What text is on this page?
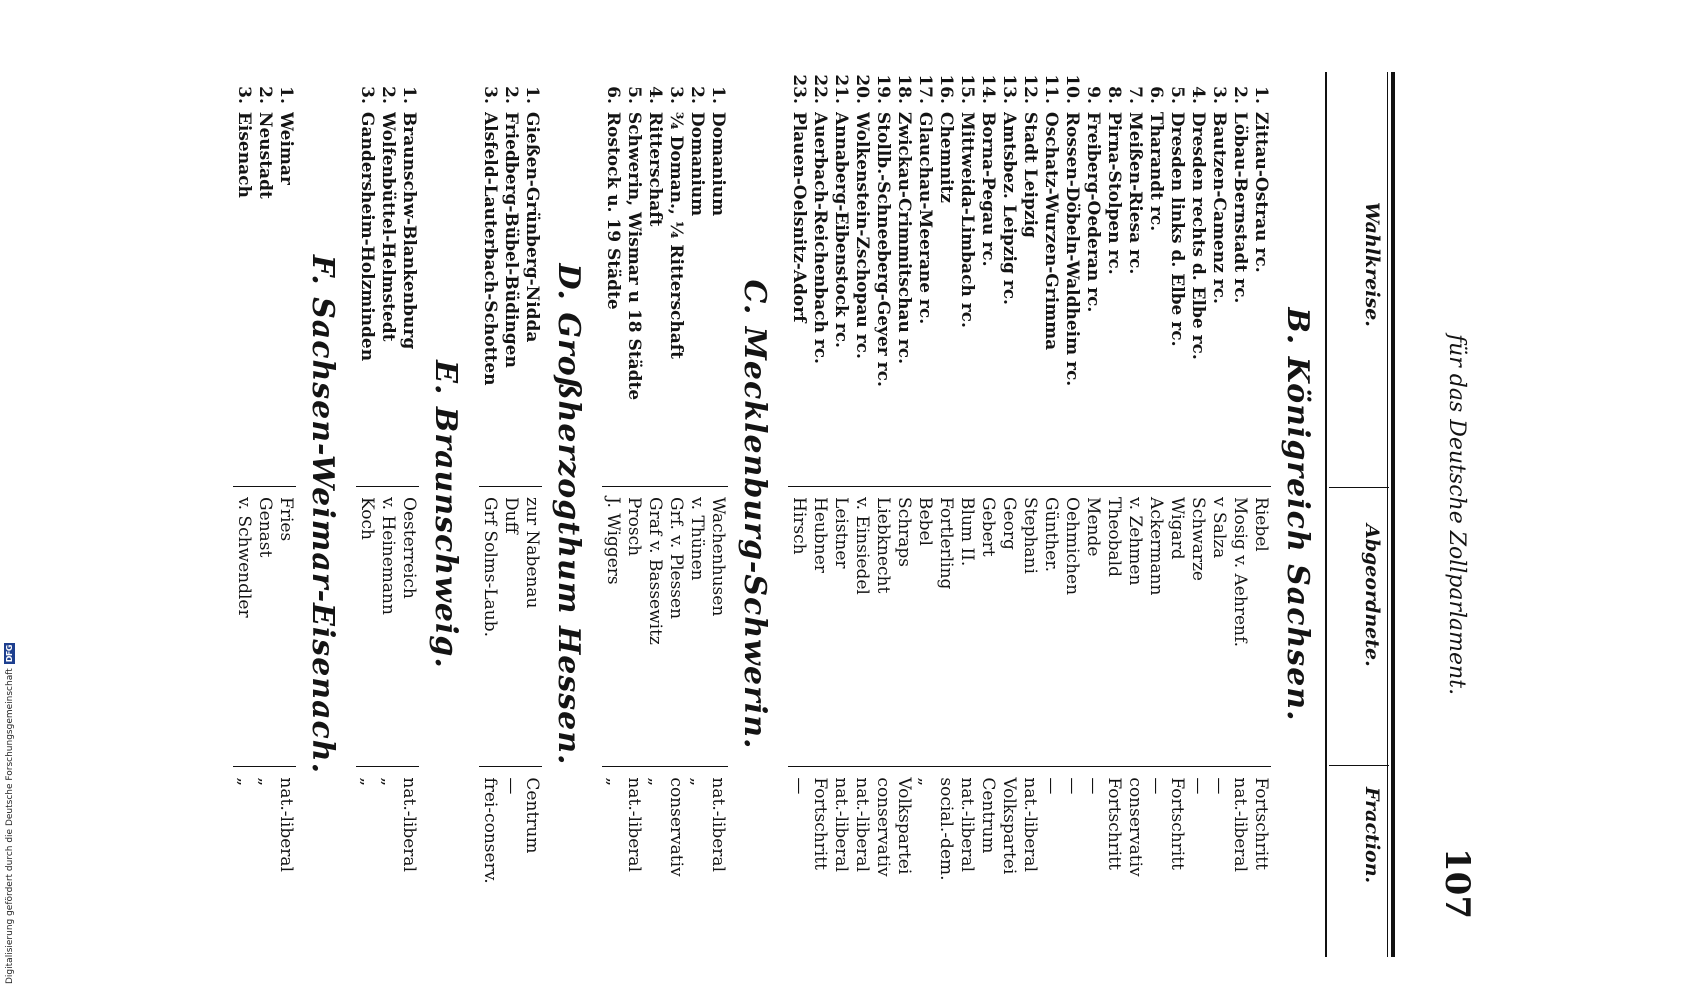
Digitalisierung gefördert durch die Deutsche Forschungsgemeinschaft
DFG	für das Deutsche Zollparlament.
107
Wahlkreise.
Abgeordnete.
Fraction.
B. Königreich Sachsen.
1.
Zittau-Ostrau rc.
Riebel
Fortschritt
2.
Löbau-Bernstadt rc.
Mosig v. Aehrenf.
nat.-liberal
3.
Bautzen-Camenz rc.
v Salza
—
4.
Dresden rechts d. Elbe rc.
Schwarze
—
5.
Dresden links d. Elbe rc.
Wigard
Fortschritt
6.
Tharandt rc.
Ackermann
—
7.
Meißen-Riesa rc.
v. Zehmen
conservativ
8.
Pirna-Stolpen rc.
Theobald
Fortschritt
9.
Freiberg-Oederan rc.
Mende
—
10.
Rossen-Döbeln-Waldheim rc.
Oehmichen
—
11.
Oschatz-Wurzen-Grimma
Günther.
—
12.
Stadt Leipzig
Stephani
nat.-liberal
13.
Amtsbez. Leipzig rc.
Georg
Volkspartei
14.
Borna-Pegau rc.
Gebert
Centrum
15.
Mittweida-Limbach rc.
Blum II.
nat.-liberal
16.
Chemnitz
Fortlerling
social.-dem.
17.
Glauchau-Meerane rc.
Bebel
„
18.
Zwickau-Crimmitschau rc.
Schraps
Volkspartei
19.
Stollb.-Schneeberg-Geyer rc.
Liebknecht
conservativ
20.
Wolkenstein-Zschopau rc.
v. Einsiedel
nat.-liberal
21.
Annaberg-Eibenstock rc.
Leistner
nat.-liberal
22.
Auerbach-Reichenbach rc.
Heubner
Fortschritt
23.
Plauen-Oelsnitz-Adorf
Hirsch
—
C. Mecklenburg-Schwerin.
1.
Domanium
Wachenhusen
nat.-liberal
2.
Domanium
v. Thünen
„
3.
¾ Doman., ¼ Ritterschaft
Grf. v. Plessen
conservativ
4.
Ritterschaft
Graf v. Bassewitz
„
5.
Schwerin, Wismar u 18 Städte
Prosch
nat.-liberal
6.
Rostock u. 19 Städte
J. Wiggers
„
D. Großherzogthum Hessen.
1.
Gießen-Grünberg-Nidda
zur Nabenau
Centrum
2.
Friedberg-Bübel-Büdingen
Duff
—
3.
Alsfeld-Lauterbach-Schotten
Grf Solms-Laub.
frei-conserv.
E. Braunschweig.
1.
Braunschw-Blankenburg
Oesterreich
nat.-liberal
2.
Wolfenbüttel-Helmstedt
v. Heinemann
„
3.
Gandersheim-Holzminden
Koch
„
F. Sachsen-Weimar-Eisenach.
1.
Weimar
Fries
nat.-liberal
2.
Neustadt
Genast
„
3.
Eisenach
v. Schwendler
„
